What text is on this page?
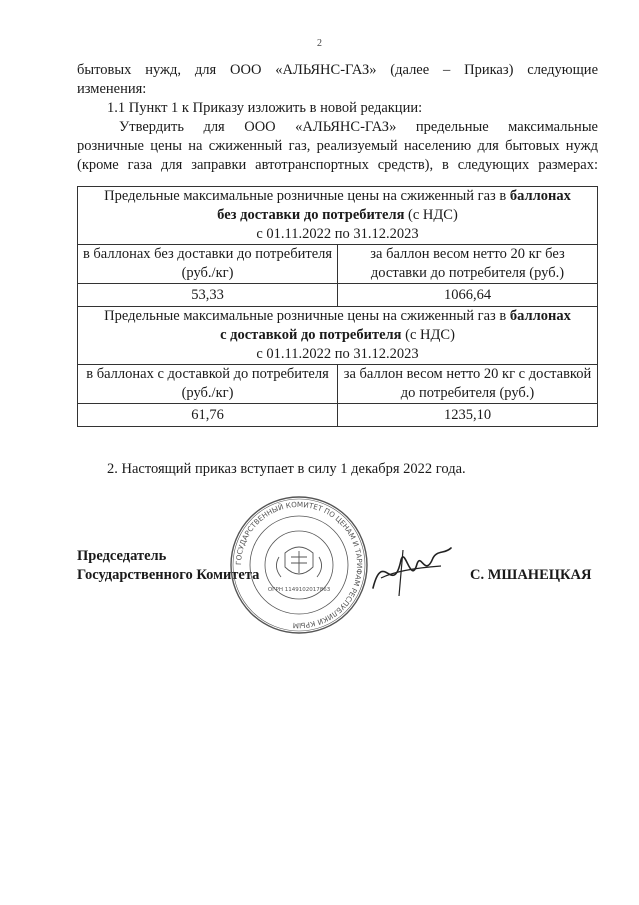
2

бытовых нужд, для ООО «АЛЬЯНС-ГАЗ» (далее – Приказ) следующие

изменения:

1.1 Пункт 1 к Приказу изложить в новой редакции:

Утвердить для ООО «АЛЬЯНС-ГАЗ» предельные максимальные

розничные цены на сжиженный газ, реализуемый населению для бытовых нужд

(кроме газа для заправки автотранспортных средств), в следующих размерах:

Предельные максимальные розничные цены на сжиженный газ в баллонах
без доставки до потребителя (с НДС)
с 01.11.2022 по 31.12.2023	
в баллонах без доставки до потребителя (руб./кг)	за баллон весом нетто 20 кг без доставки до потребителя (руб.)
53,33	1066,64
Предельные максимальные розничные цены на сжиженный газ в баллонах
с доставкой до потребителя (с НДС)
с 01.11.2022 по 31.12.2023	
в баллонах с доставкой до потребителя (руб./кг)	за баллон весом нетто 20 кг с доставкой до потребителя (руб.)
61,76	1235,10

2. Настоящий приказ вступает в силу 1 декабря 2022 года.

Председатель
Государственного Комитета

ГОСУДАРСТВЕННЫЙ КОМИТЕТ ПО ЦЕНАМ И ТАРИФАМ РЕСПУБЛИКИ КРЫМ
ОГРН 1149102017863

С. МШАНЕЦКАЯ
